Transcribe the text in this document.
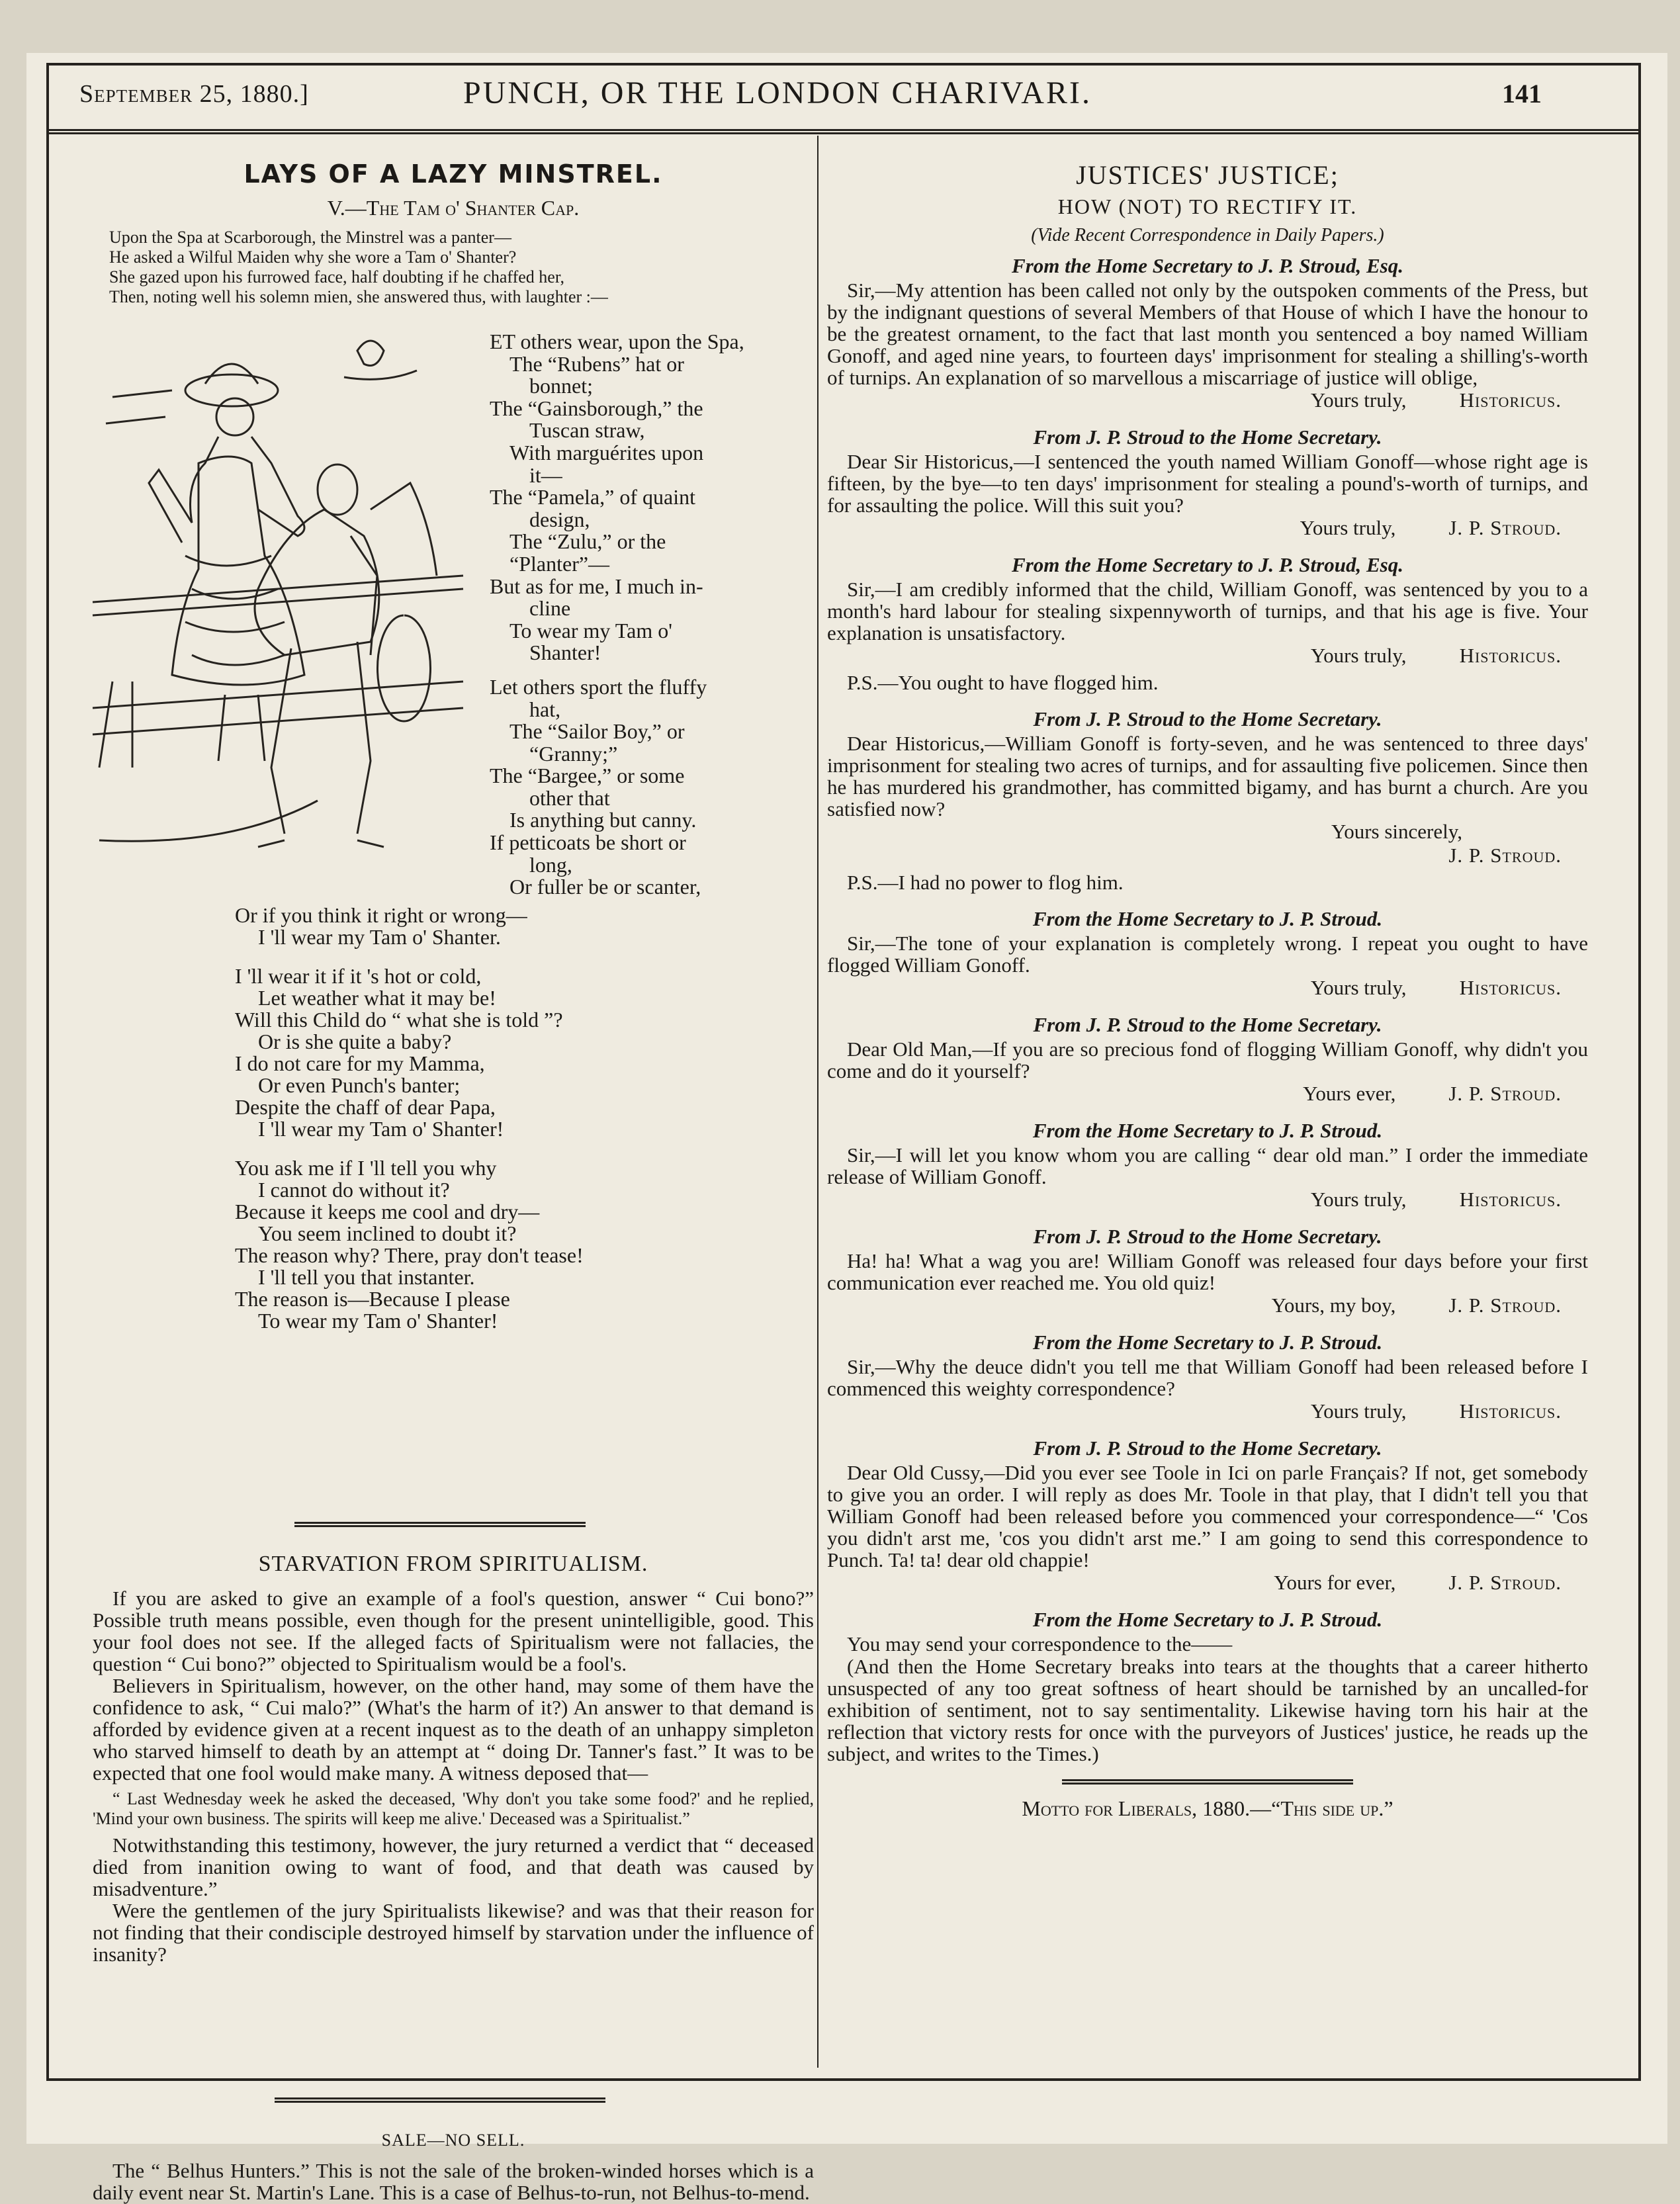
September 25, 1880.]	PUNCH, OR THE LONDON CHARIVARI.	141
LAYS OF A LAZY MINSTREL.
V.—The Tam o' Shanter Cap.
Upon the Spa at Scarborough, the Minstrel was a panter—
He asked a Wilful Maiden why she wore a Tam o' Shanter?
She gazed upon his furrowed face, half doubting if he chaffed her,
Then, noting well his solemn mien, she answered thus, with laughter :—
ET others wear, upon the Spa,
The “Rubens” hat or
bonnet;
The “Gainsborough,” the
Tuscan straw,
With marguérites upon
it—
The “Pamela,” of quaint
design,
The “Zulu,” or the
“Planter”—
But as for me, I much in-
cline
To wear my Tam o'
Shanter!
Let others sport the fluffy
hat,
The “Sailor Boy,” or
“Granny;”
The “Bargee,” or some
other that
Is anything but canny.
If petticoats be short or
long,
Or fuller be or scanter,
Or if you think it right or wrong—
I 'll wear my Tam o' Shanter.
I 'll wear it if it 's hot or cold,
Let weather what it may be!
Will this Child do “ what she is told ”?
Or is she quite a baby?
I do not care for my Mamma,
Or even Punch's banter;
Despite the chaff of dear Papa,
I 'll wear my Tam o' Shanter!
You ask me if I 'll tell you why
I cannot do without it?
Because it keeps me cool and dry—
You seem inclined to doubt it?
The reason why? There, pray don't tease!
I 'll tell you that instanter.
The reason is—Because I please
To wear my Tam o' Shanter!
STARVATION FROM SPIRITUALISM.
If you are asked to give an example of a fool's question, answer “ Cui bono?” Possible truth means possible, even though for the present unintelligible, good. This your fool does not see. If the alleged facts of Spiritualism were not fallacies, the question “ Cui bono?” objected to Spiritualism would be a fool's.
Believers in Spiritualism, however, on the other hand, may some of them have the confidence to ask, “ Cui malo?” (What's the harm of it?) An answer to that demand is afforded by evidence given at a recent inquest as to the death of an unhappy simpleton who starved himself to death by an attempt at “ doing Dr. Tanner's fast.” It was to be expected that one fool would make many. A witness deposed that—
“ Last Wednesday week he asked the deceased, 'Why don't you take some food?' and he replied, 'Mind your own business. The spirits will keep me alive.' Deceased was a Spiritualist.”
Notwithstanding this testimony, however, the jury returned a verdict that “ deceased died from inanition owing to want of food, and that death was caused by misadventure.”
Were the gentlemen of the jury Spiritualists likewise? and was that their reason for not finding that their condisciple destroyed himself by starvation under the influence of insanity?
SALE—NO SELL.
The “ Belhus Hunters.” This is not the sale of the broken-winded horses which is a daily event near St. Martin's Lane. This is a case of Belhus-to-run, not Belhus-to-mend.
JUSTICES' JUSTICE;
HOW (NOT) TO RECTIFY IT.
(Vide Recent Correspondence in Daily Papers.)
From the Home Secretary to J. P. Stroud, Esq.
Sir,—My attention has been called not only by the outspoken comments of the Press, but by the indignant questions of several Members of that House of which I have the honour to be the greatest ornament, to the fact that last month you sentenced a boy named William Gonoff, and aged nine years, to fourteen days' imprisonment for stealing a shilling's-worth of turnips. An explanation of so marvellous a miscarriage of justice will oblige,
Yours truly,	Historicus.
From J. P. Stroud to the Home Secretary.
Dear Sir Historicus,—I sentenced the youth named William Gonoff—whose right age is fifteen, by the bye—to ten days' imprisonment for stealing a pound's-worth of turnips, and for assaulting the police. Will this suit you?
Yours truly,	J. P. Stroud.
From the Home Secretary to J. P. Stroud, Esq.
Sir,—I am credibly informed that the child, William Gonoff, was sentenced by you to a month's hard labour for stealing sixpennyworth of turnips, and that his age is five. Your explanation is unsatisfactory.
Yours truly,	Historicus.
P.S.—You ought to have flogged him.
From J. P. Stroud to the Home Secretary.
Dear Historicus,—William Gonoff is forty-seven, and he was sentenced to three days' imprisonment for stealing two acres of turnips, and for assaulting five policemen. Since then he has murdered his grandmother, has committed bigamy, and has burnt a church. Are you satisfied now?
Yours sincerely,
J. P. Stroud.
P.S.—I had no power to flog him.
From the Home Secretary to J. P. Stroud.
Sir,—The tone of your explanation is completely wrong. I repeat you ought to have flogged William Gonoff.
Yours truly,	Historicus.
From J. P. Stroud to the Home Secretary.
Dear Old Man,—If you are so precious fond of flogging William Gonoff, why didn't you come and do it yourself?
Yours ever,	J. P. Stroud.
From the Home Secretary to J. P. Stroud.
Sir,—I will let you know whom you are calling “ dear old man.” I order the immediate release of William Gonoff.
Yours truly,	Historicus.
From J. P. Stroud to the Home Secretary.
Ha! ha! What a wag you are! William Gonoff was released four days before your first communication ever reached me. You old quiz!
Yours, my boy,	J. P. Stroud.
From the Home Secretary to J. P. Stroud.
Sir,—Why the deuce didn't you tell me that William Gonoff had been released before I commenced this weighty correspondence?
Yours truly,	Historicus.
From J. P. Stroud to the Home Secretary.
Dear Old Cussy,—Did you ever see Toole in Ici on parle Français? If not, get somebody to give you an order. I will reply as does Mr. Toole in that play, that I didn't tell you that William Gonoff had been released before you commenced your correspondence—“ 'Cos you didn't arst me, 'cos you didn't arst me.” I am going to send this correspondence to Punch. Ta! ta! dear old chappie!
Yours for ever,	J. P. Stroud.
From the Home Secretary to J. P. Stroud.
You may send your correspondence to the——
(And then the Home Secretary breaks into tears at the thoughts that a career hitherto unsuspected of any too great softness of heart should be tarnished by an uncalled-for exhibition of sentiment, not to say sentimentality. Likewise having torn his hair at the reflection that victory rests for once with the purveyors of Justices' justice, he reads up the subject, and writes to the Times.)
Motto for Liberals, 1880.—“This side up.”
